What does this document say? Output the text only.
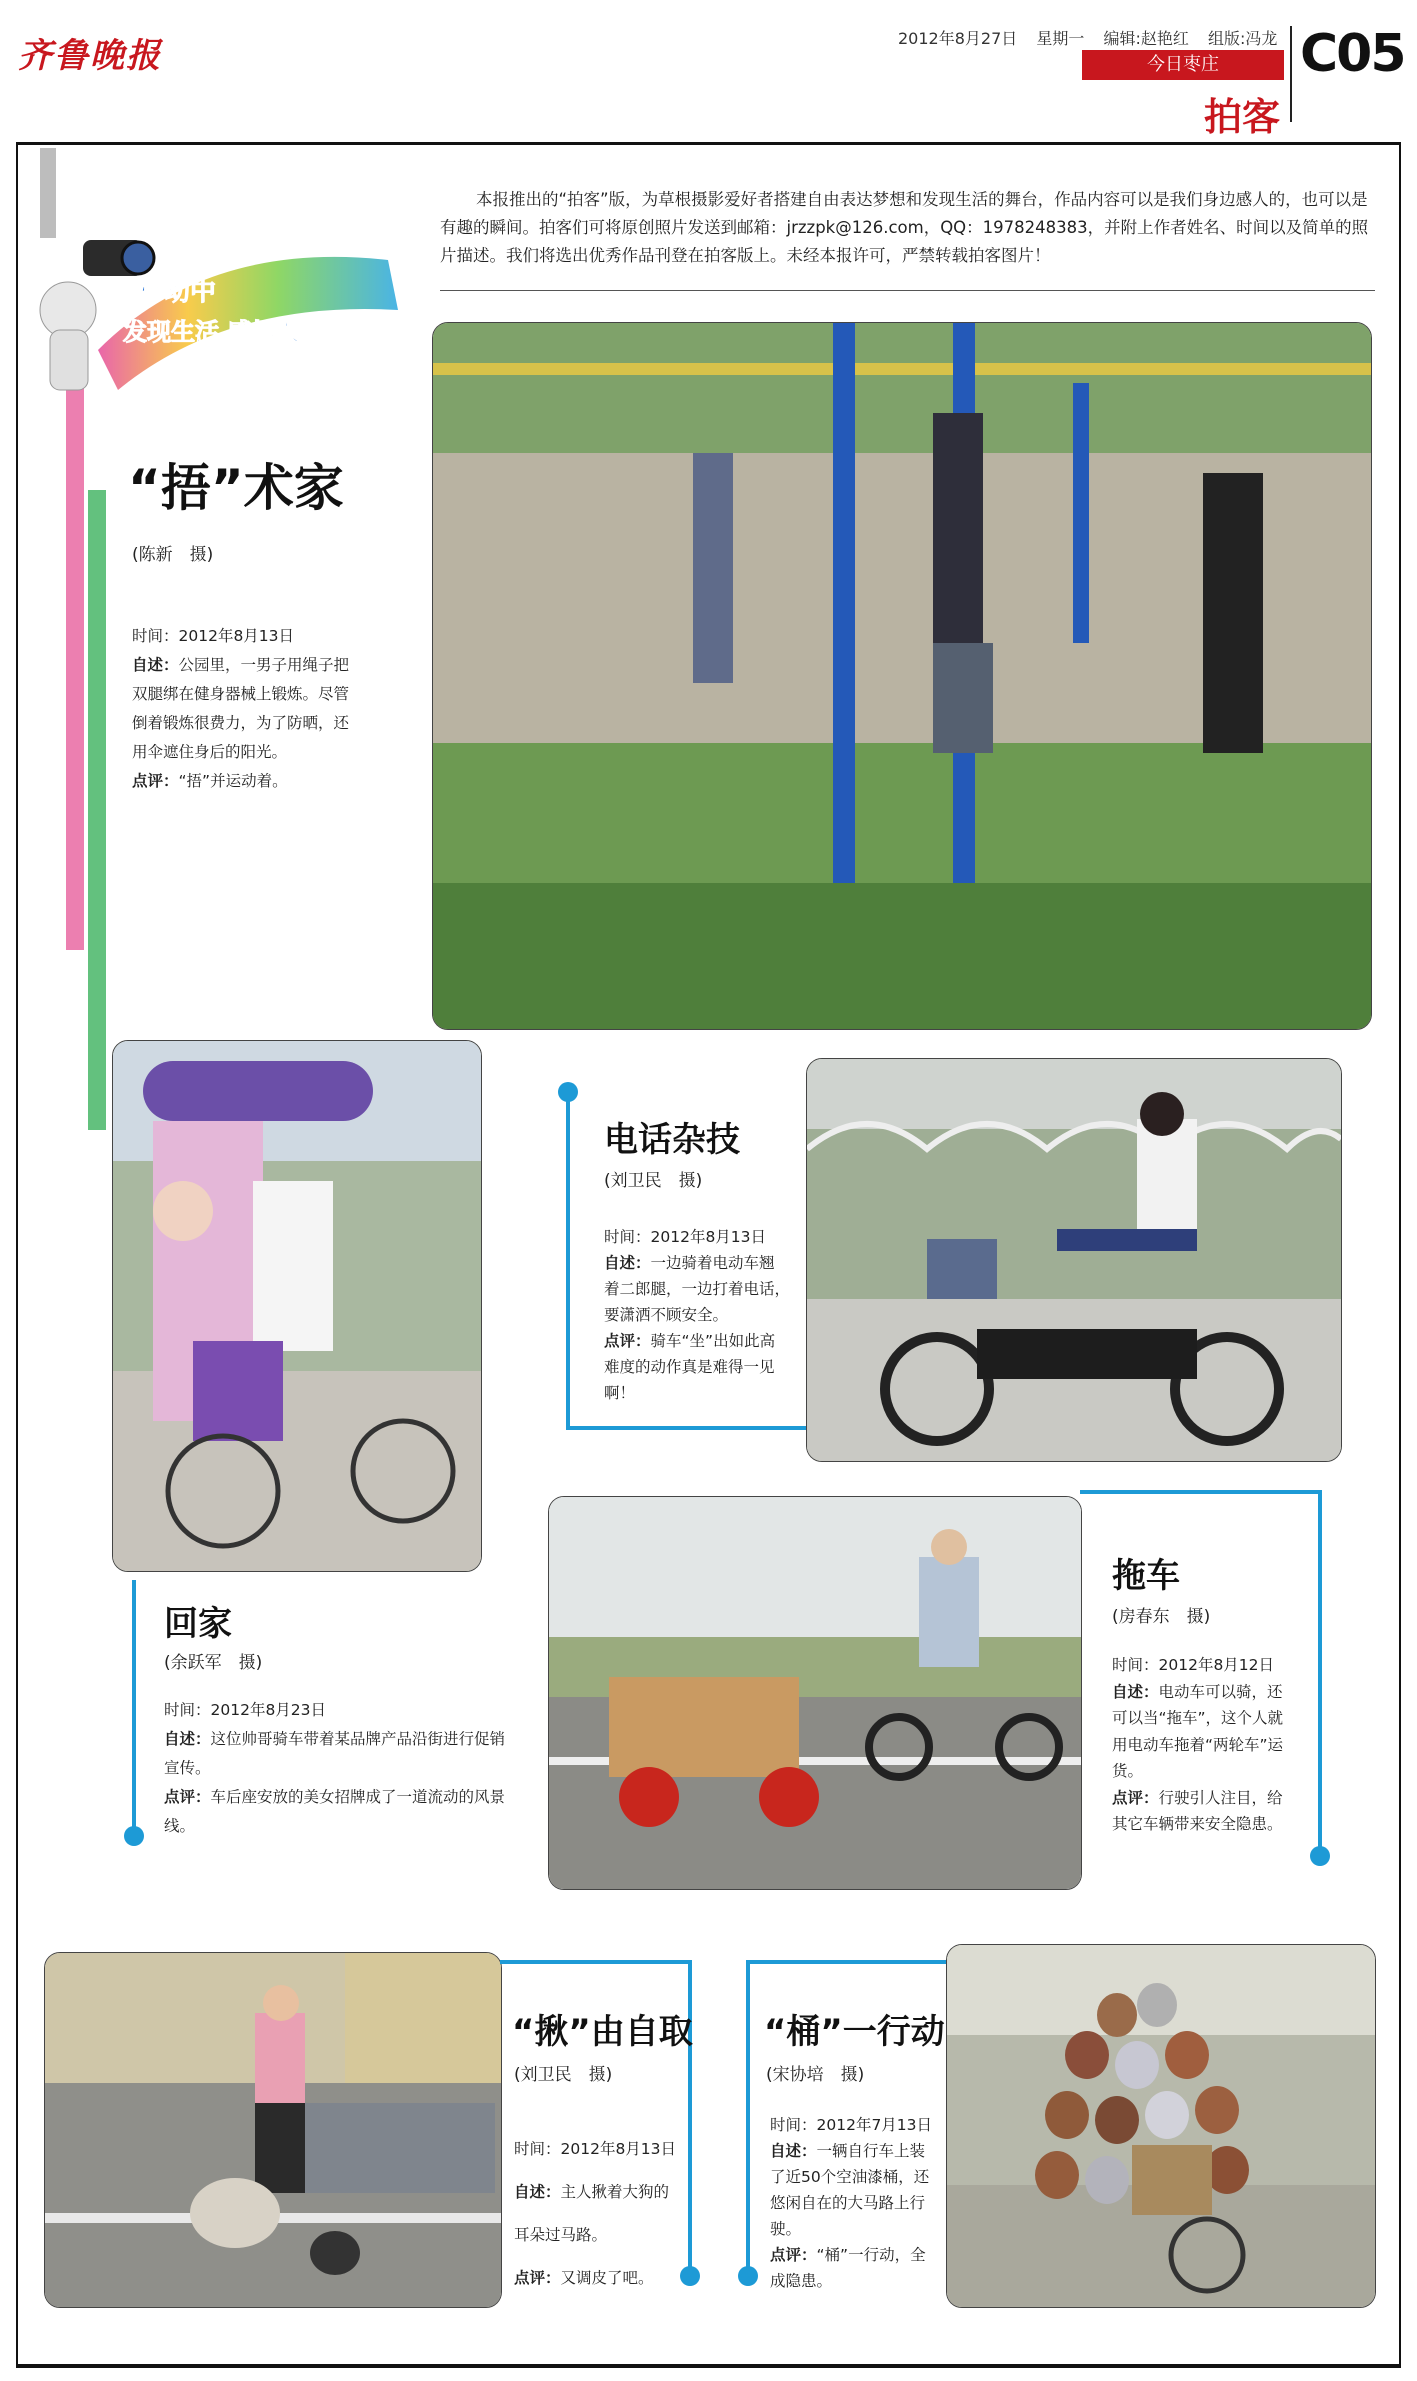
齐鲁晚报	2012年8月27日 星期一 编辑:赵艳红 组版:冯龙
今日枣庄
拍客
C05
移动中
发现生活 感悟人生
本报推出的“拍客”版，为草根摄影爱好者搭建自由表达梦想和发现生活的舞台，作品内容可以是我们身边感人的，也可以是有趣的瞬间。拍客们可将原创照片发送到邮箱：jrzzpk@126.com，QQ：1978248383，并附上作者姓名、时间以及简单的照片描述。我们将选出优秀作品刊登在拍客版上。未经本报许可，严禁转载拍客图片！
“捂”术家
(陈新　摄)
时间：2012年8月13日
自述：公园里，一男子用绳子把双腿绑在健身器械上锻炼。尽管倒着锻炼很费力，为了防晒，还用伞遮住身后的阳光。
点评：“捂”并运动着。
回家
(余跃军　摄)
时间：2012年8月23日
自述：这位帅哥骑车带着某品牌产品沿街进行促销宣传。
点评：车后座安放的美女招牌成了一道流动的风景线。
电话杂技
(刘卫民　摄)
时间：2012年8月13日
自述：一边骑着电动车翘着二郎腿，一边打着电话，要潇洒不顾安全。
点评：骑车“坐”出如此高难度的动作真是难得一见啊！
拖车
(房春东　摄)
时间：2012年8月12日
自述：电动车可以骑，还可以当“拖车”，这个人就用电动车拖着“两轮车”运货。
点评：行驶引人注目，给其它车辆带来安全隐患。
“揪”由自取
(刘卫民　摄)
时间：2012年8月13日
自述：主人揪着大狗的耳朵过马路。
点评：又调皮了吧。
“桶”一行动
(宋协培　摄)
时间：2012年7月13日
自述：一辆自行车上装了近50个空油漆桶，还悠闲自在的大马路上行驶。
点评：“桶”一行动，全成隐患。
